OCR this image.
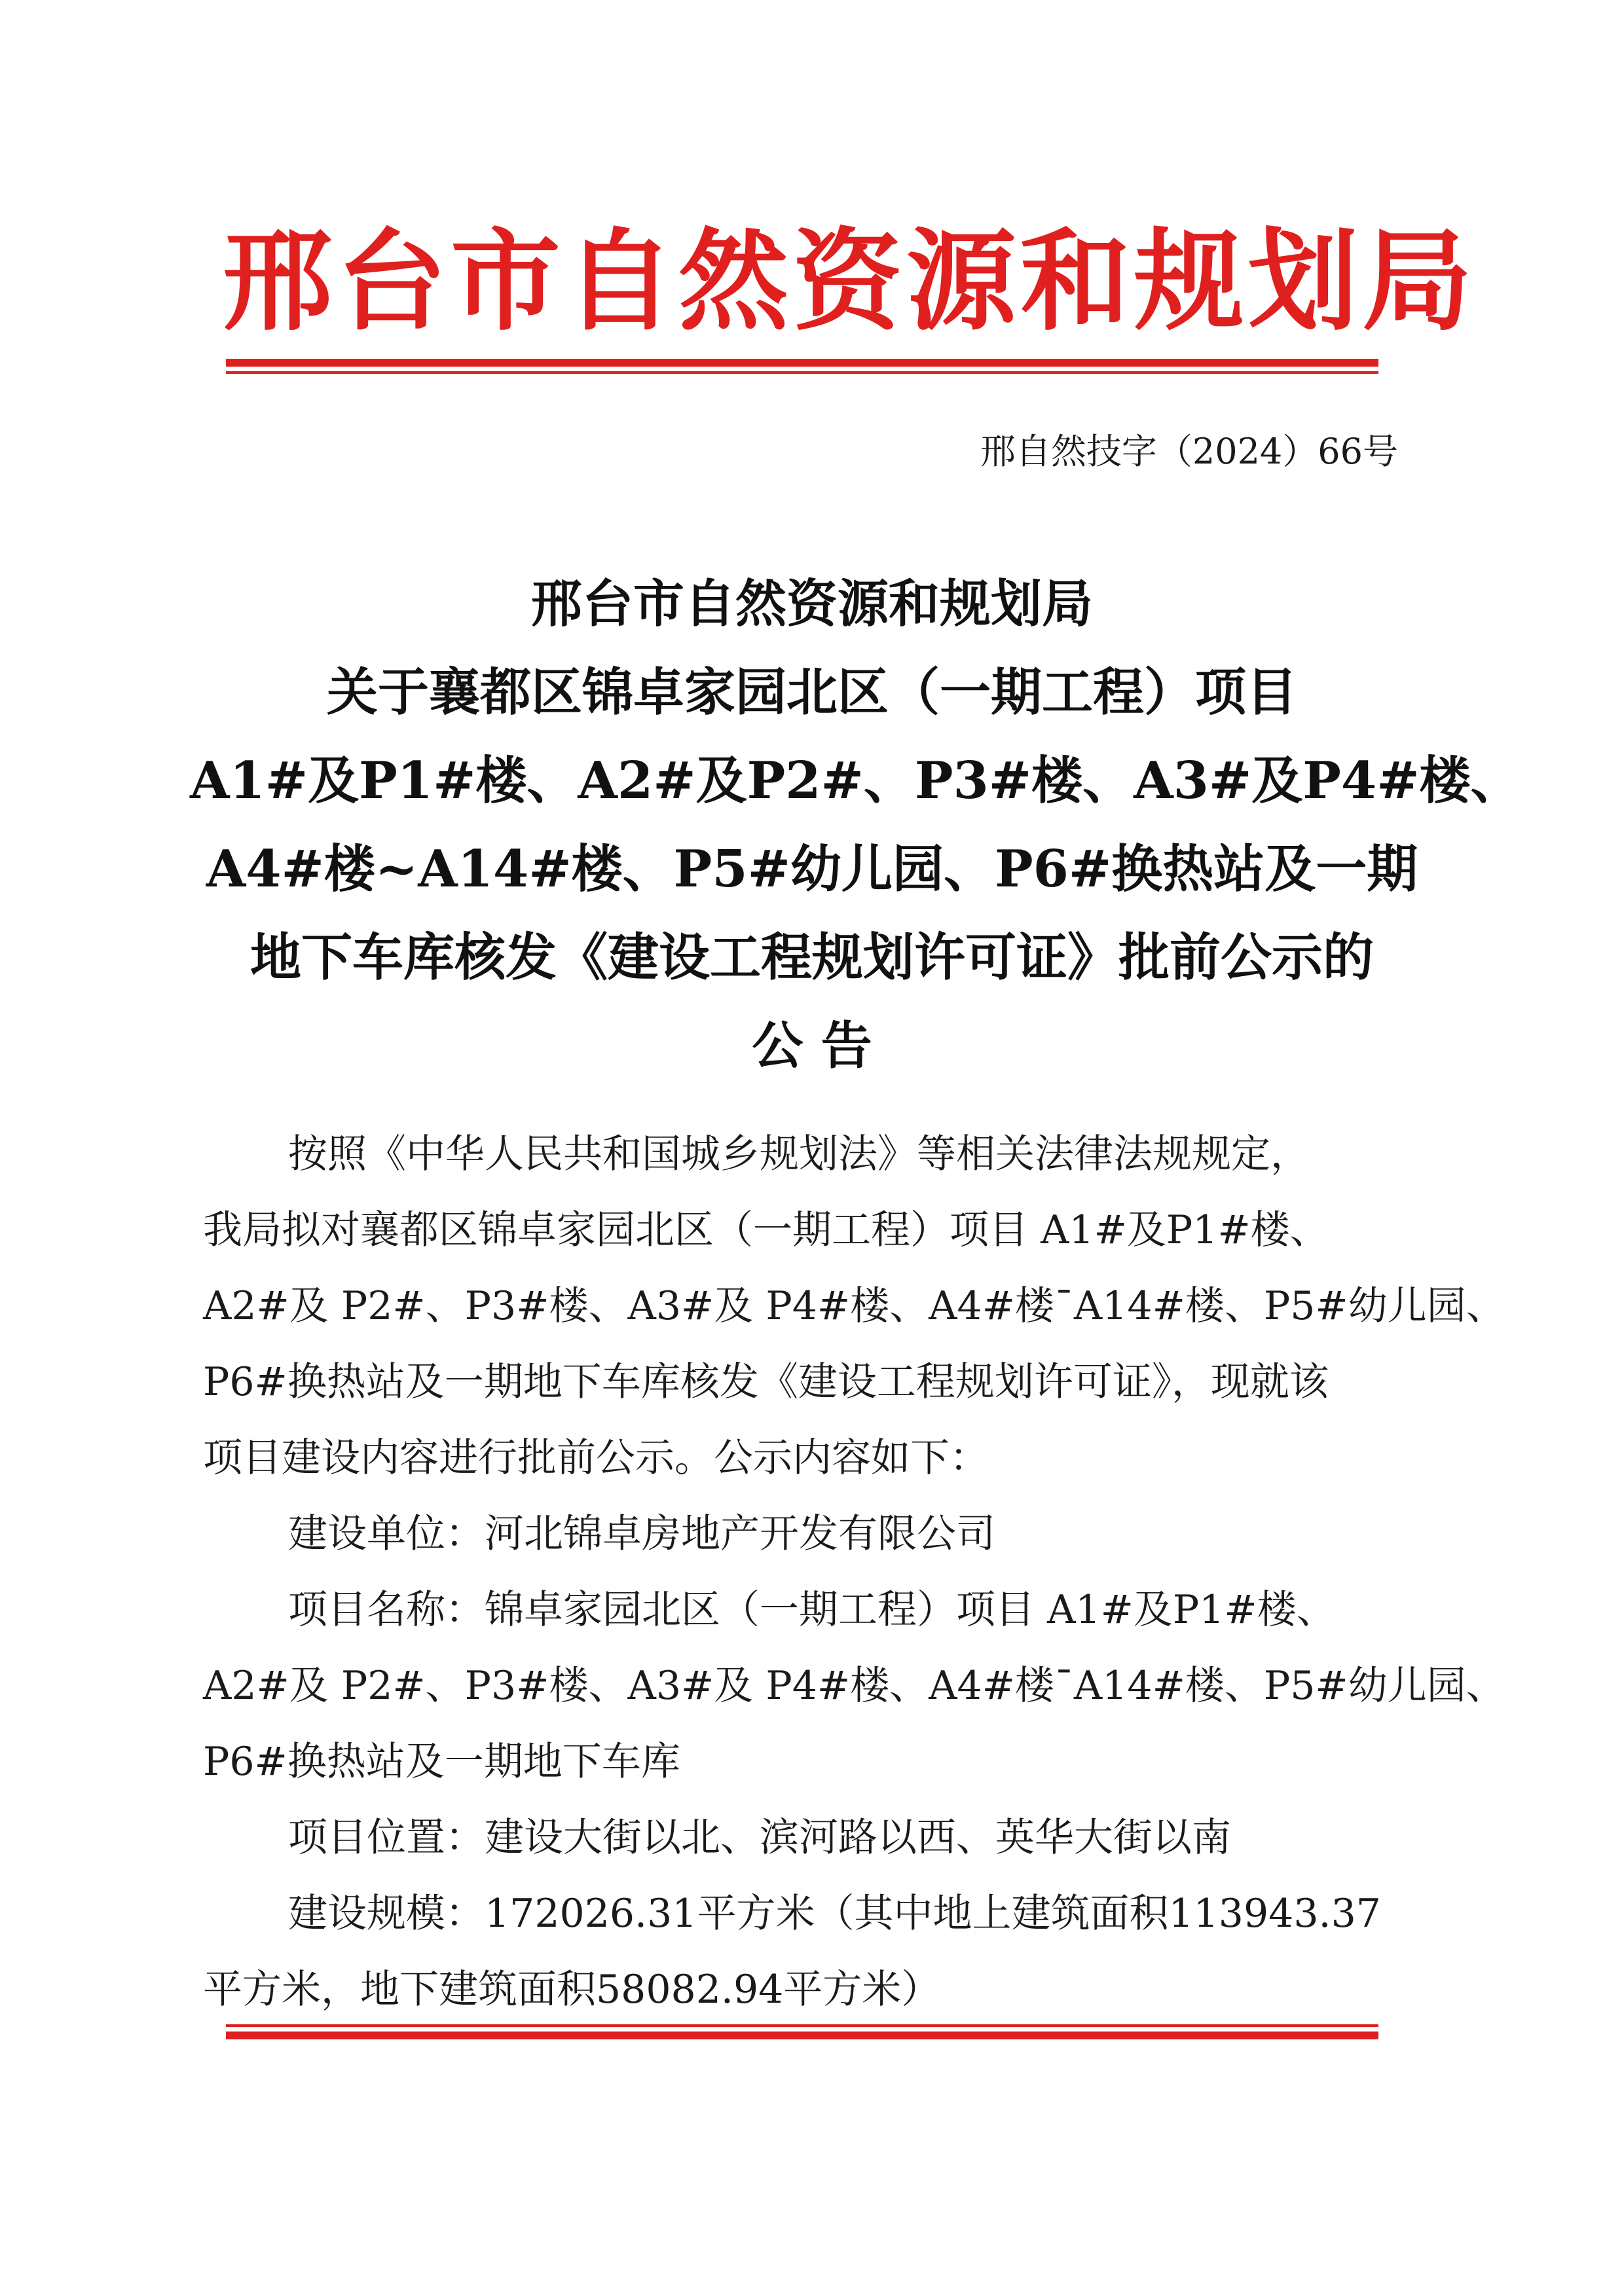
邢台市自然资源和规划局
邢自然技字（2024）66号
邢台市自然资源和规划局
关于襄都区锦卓家园北区（一期工程）项目
A1#及P1#楼、A2#及P2#、P3#楼、A3#及P4#楼、
A4#楼~A14#楼、P5#幼儿园、P6#换热站及一期
地下车库核发《建设工程规划许可证》批前公示的
公 告
按照《中华人民共和国城乡规划法》等相关法律法规规定，
我局拟对襄都区锦卓家园北区（一期工程）项目 A1#及P1#楼、
A2#及 P2#、P3#楼、A3#及 P4#楼、A4#楼¯A14#楼、P5#幼儿园、
P6#换热站及一期地下车库核发《建设工程规划许可证》，现就该
项目建设内容进行批前公示。公示内容如下：
建设单位：河北锦卓房地产开发有限公司
项目名称：锦卓家园北区（一期工程）项目 A1#及P1#楼、
A2#及 P2#、P3#楼、A3#及 P4#楼、A4#楼¯A14#楼、P5#幼儿园、
P6#换热站及一期地下车库
项目位置：建设大街以北、滨河路以西、英华大街以南
建设规模：172026.31平方米（其中地上建筑面积113943.37
平方米，地下建筑面积58082.94平方米）
